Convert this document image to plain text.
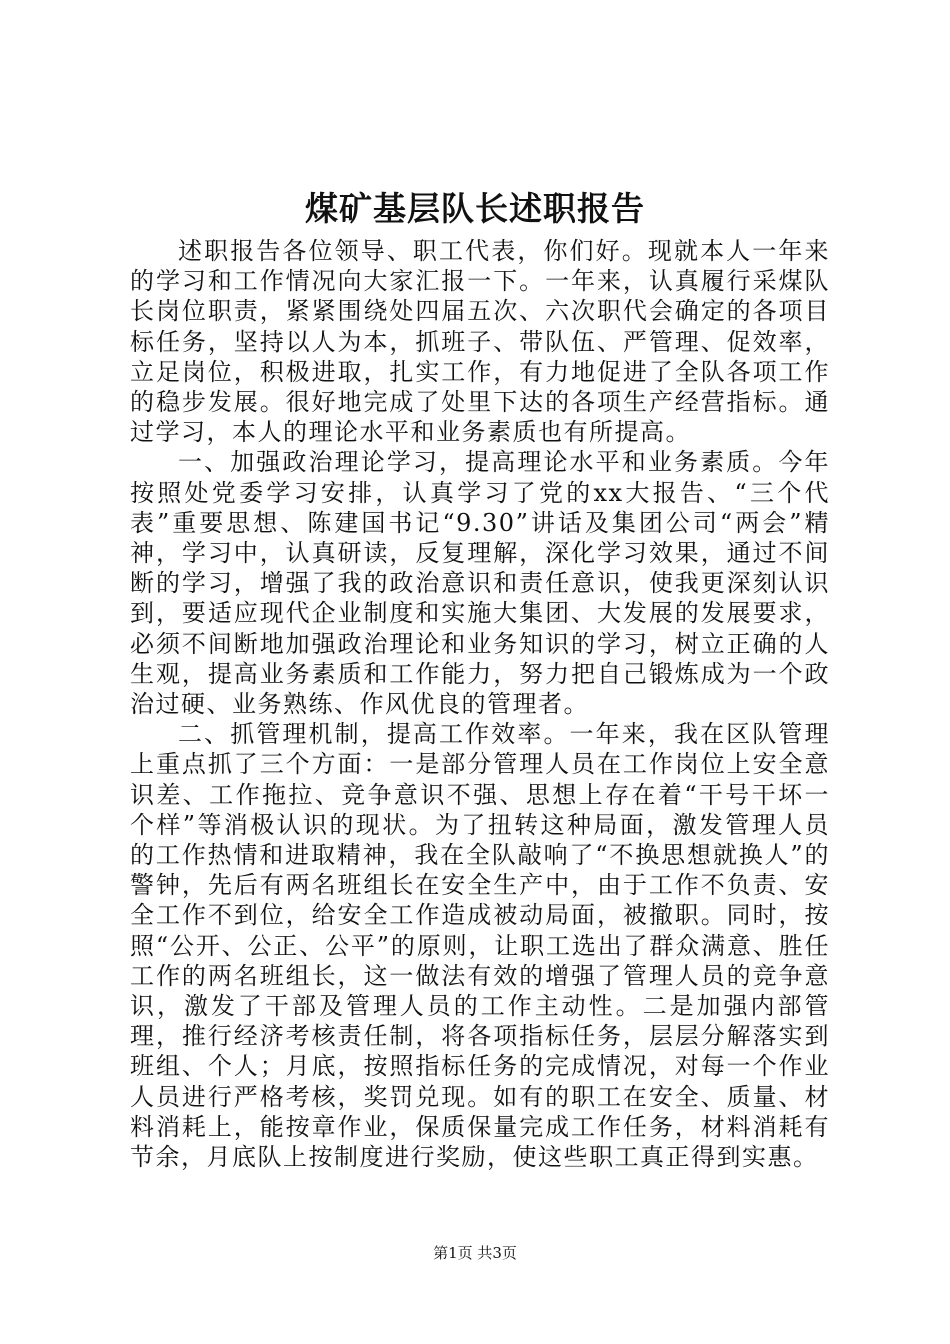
煤矿基层队长述职报告

述职报告各位领导、职工代表，你们好。现就本人一年来的学习和工作情况向大家汇报一下。一年来，认真履行采煤队长岗位职责，紧紧围绕处四届五次、六次职代会确定的各项目标任务，坚持以人为本，抓班子、带队伍、严管理、促效率，立足岗位，积极进取，扎实工作，有力地促进了全队各项工作的稳步发展。很好地完成了处里下达的各项生产经营指标。通过学习，本人的理论水平和业务素质也有所提高。

一、加强政治理论学习，提高理论水平和业务素质。今年按照处党委学习安排，认真学习了党的xx大报告、“三个代表”重要思想、陈建国书记“9.30”讲话及集团公司“两会”精神，学习中，认真研读，反复理解，深化学习效果，通过不间断的学习，增强了我的政治意识和责任意识，使我更深刻认识到，要适应现代企业制度和实施大集团、大发展的发展要求，必须不间断地加强政治理论和业务知识的学习，树立正确的人生观，提高业务素质和工作能力，努力把自己锻炼成为一个政治过硬、业务熟练、作风优良的管理者。

二、抓管理机制，提高工作效率。一年来，我在区队管理上重点抓了三个方面：一是部分管理人员在工作岗位上安全意识差、工作拖拉、竞争意识不强、思想上存在着“干号干坏一个样”等消极认识的现状。为了扭转这种局面，激发管理人员的工作热情和进取精神，我在全队敲响了“不换思想就换人”的警钟，先后有两名班组长在安全生产中，由于工作不负责、安全工作不到位，给安全工作造成被动局面，被撤职。同时，按照“公开、公正、公平”的原则，让职工选出了群众满意、胜任工作的两名班组长，这一做法有效的增强了管理人员的竞争意识，激发了干部及管理人员的工作主动性。二是加强内部管理，推行经济考核责任制，将各项指标任务，层层分解落实到班组、个人；月底，按照指标任务的完成情况，对每一个作业人员进行严格考核，奖罚兑现。如有的职工在安全、质量、材料消耗上，能按章作业，保质保量完成工作任务，材料消耗有节余，月底队上按制度进行奖励，使这些职工真正得到实惠。

第1页 共3页
